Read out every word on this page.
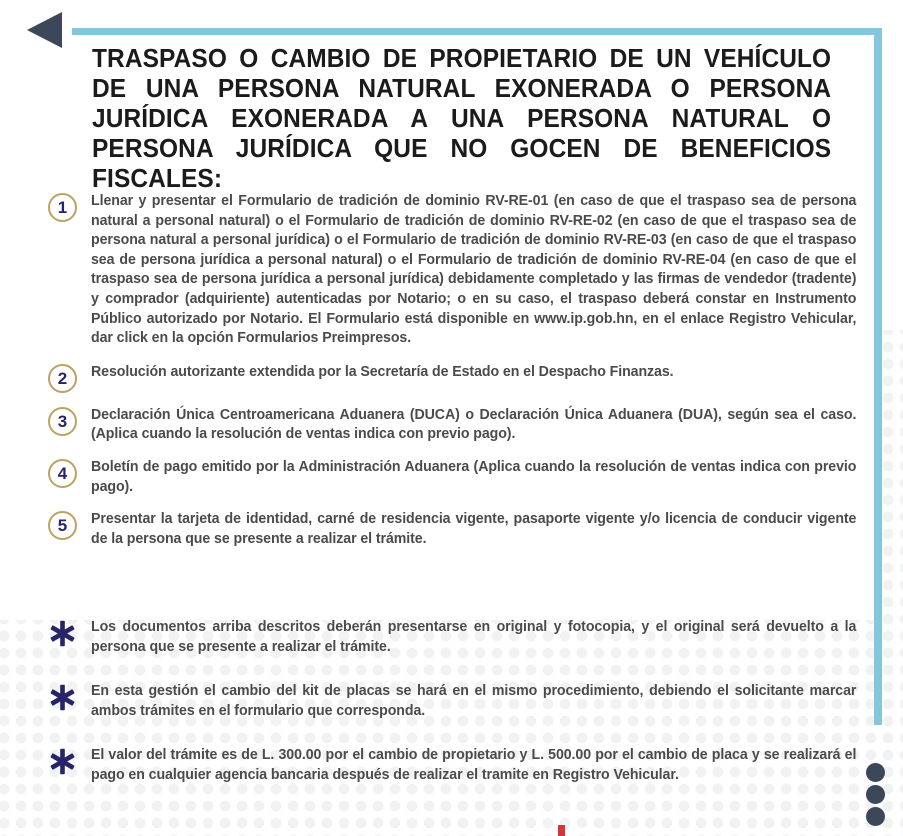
TRASPASO O CAMBIO DE PROPIETARIO DE UN VEHÍCULO DE UNA PERSONA NATURAL EXONERADA O PERSONA JURÍDICA EXONERADA A UNA PERSONA NATURAL O PERSONA JURÍDICA QUE NO GOCEN DE BENEFICIOS FISCALES:
1	Llenar y presentar el Formulario de tradición de dominio RV-RE-01 (en caso de que el traspaso sea de persona natural a personal natural) o el Formulario de tradición de dominio RV-RE-02 (en caso de que el traspaso sea de persona natural a personal jurídica) o el Formulario de tradición de dominio RV-RE-03 (en caso de que el traspaso sea de persona jurídica a personal natural) o el Formulario de tradición de dominio RV-RE-04 (en caso de que el traspaso sea de persona jurídica a personal jurídica) debidamente completado y las firmas de vendedor (tradente) y comprador (adquiriente) autenticadas por Notario; o en su caso, el traspaso deberá constar en Instrumento Público autorizado por Notario. El Formulario está disponible en www.ip.gob.hn, en el enlace Registro Vehicular, dar click en la opción Formularios Preimpresos.
2	Resolución autorizante extendida por la Secretaría de Estado en el Despacho Finanzas.
3	Declaración Única Centroamericana Aduanera (DUCA) o Declaración Única Aduanera (DUA), según sea el caso. (Aplica cuando la resolución de ventas indica con previo pago).
4	Boletín de pago emitido por la Administración Aduanera (Aplica cuando la resolución de ventas indica con previo pago).
5	Presentar la tarjeta de identidad, carné de residencia vigente, pasaporte vigente y/o licencia de conducir vigente de la persona que se presente a realizar el trámite.
Los documentos arriba descritos deberán presentarse en original y fotocopia, y el original será devuelto a la persona que se presente a realizar el trámite.
En esta gestión el cambio del kit de placas se hará en el mismo procedimiento, debiendo el solicitante marcar ambos trámites en el formulario que corresponda.
El valor del trámite es de L. 300.00 por el cambio de propietario y L. 500.00 por el cambio de placa y se realizará el pago en cualquier agencia bancaria después de realizar el tramite en Registro Vehicular.
